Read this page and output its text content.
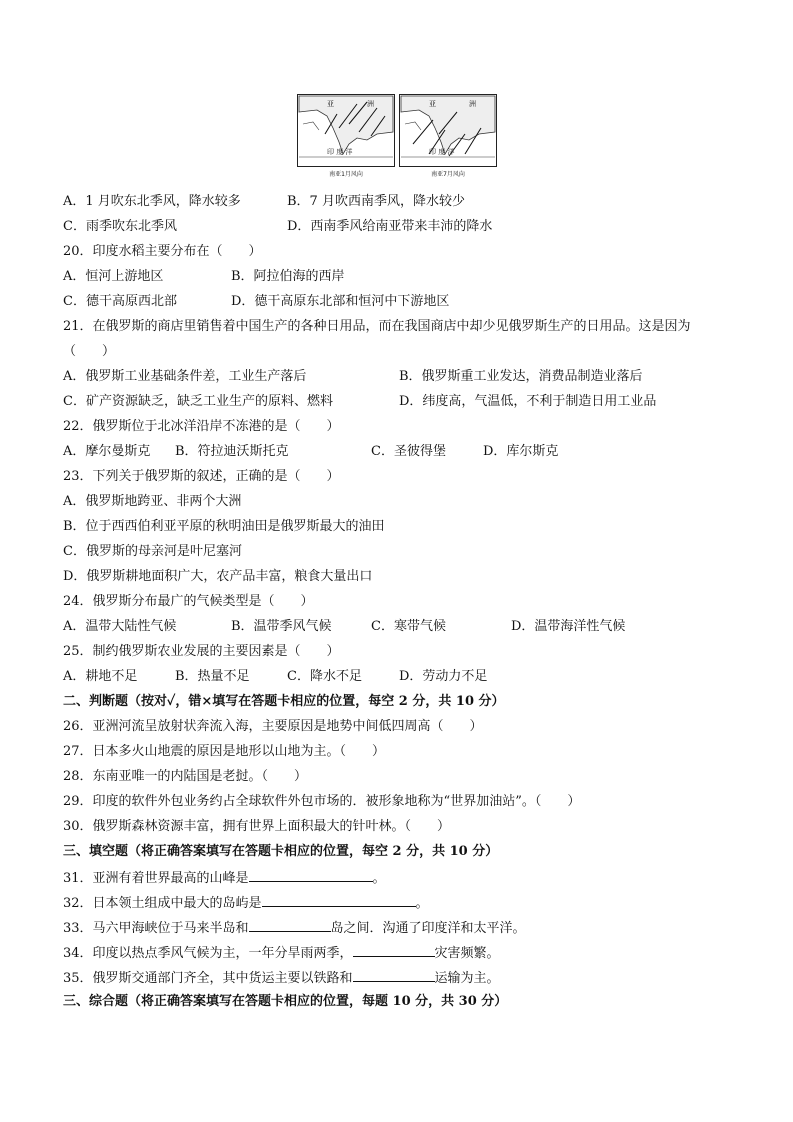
亚	洲
印 度 洋
南亚1月风向
亚	洲
印 度 洋
南亚7月风向
A．1 月吹东北季风，降水较多	B．7 月吹西南季风，降水较少
C．雨季吹东北季风	D．西南季风给南亚带来丰沛的降水
20．印度水稻主要分布在（　　）
A．恒河上游地区	B．阿拉伯海的西岸
C．德干高原西北部	D．德干高原东北部和恒河中下游地区
21．在俄罗斯的商店里销售着中国生产的各种日用品，而在我国商店中却少见俄罗斯生产的日用品。这是因为
（　　）
A．俄罗斯工业基础条件差，工业生产落后	B．俄罗斯重工业发达，消费品制造业落后
C．矿产资源缺乏，缺乏工业生产的原料、燃料	D．纬度高，气温低，不利于制造日用工业品
22．俄罗斯位于北冰洋沿岸不冻港的是（　　）
A．摩尔曼斯克 B．符拉迪沃斯托克	C．圣彼得堡	D．库尔斯克
23．下列关于俄罗斯的叙述，正确的是（　　）
A．俄罗斯地跨亚、非两个大洲
B．位于西西伯利亚平原的秋明油田是俄罗斯最大的油田
C．俄罗斯的母亲河是叶尼塞河
D．俄罗斯耕地面积广大，农产品丰富，粮食大量出口
24．俄罗斯分布最广的气候类型是（　　）
A．温带大陆性气候	B．温带季风气候	C．寒带气候	D．温带海洋性气候
25．制约俄罗斯农业发展的主要因素是（　　）
A．耕地不足	B．热量不足	C．降水不足	D．劳动力不足
二、判断题（按对✓，错×填写在答题卡相应的位置，每空 2 分，共 10 分）
26．亚洲河流呈放射状奔流入海，主要原因是地势中间低四周高（　　）
27．日本多火山地震的原因是地形以山地为主。（　　）
28．东南亚唯一的内陆国是老挝。（　　）
29．印度的软件外包业务约占全球软件外包市场的．被形象地称为“世界加油站”。（　　）
30．俄罗斯森林资源丰富，拥有世界上面积最大的针叶林。（　　）
三、填空题（将正确答案填写在答题卡相应的位置，每空 2 分，共 10 分）
31．亚洲有着世界最高的山峰是	。
32．日本领土组成中最大的岛屿是	。
33．马六甲海峡位于马来半岛和	岛之间．沟通了印度洋和太平洋。
34．印度以热点季风气候为主，一年分旱雨两季，	灾害频繁。
35．俄罗斯交通部门齐全，其中货运主要以铁路和	运输为主。
三、综合题（将正确答案填写在答题卡相应的位置，每题 10 分，共 30 分）
